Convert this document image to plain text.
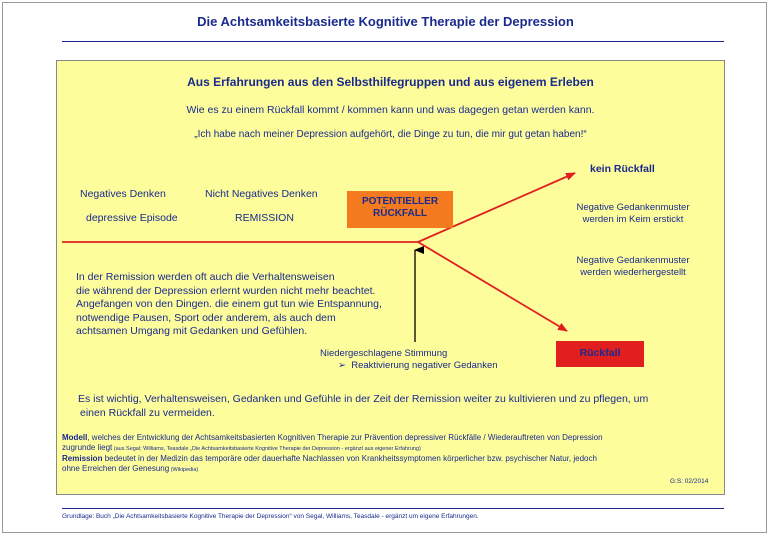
Die Achtsamkeitsbasierte Kognitive Therapie der Depression
Aus Erfahrungen aus den Selbsthilfegruppen und aus eigenem Erleben
Wie es zu einem Rückfall kommt / kommen kann und was dagegen getan werden kann.
„Ich habe nach meiner Depression aufgehört, die Dinge zu tun, die mir gut getan haben!“
Negatives Denken
depressive Episode
Nicht Negatives Denken
REMISSION
POTENTIELLER
RÜCKFALL
kein Rückfall
Negative Gedankenmuster
werden im Keim erstickt
Negative Gedankenmuster
werden wiederhergestellt
Rückfall
In der Remission werden oft auch die Verhaltensweisen
die während der Depression erlernt wurden nicht mehr beachtet.
Angefangen von den Dingen. die einem gut tun wie Entspannung,
notwendige Pausen, Sport oder anderem, als auch dem
achtsamen Umgang mit Gedanken und Gefühlen.
Niedergeschlagene Stimmung
➢  Reaktivierung negativer Gedanken
Es ist wichtig, Verhaltensweisen, Gedanken und Gefühle in der Zeit der Remission weiter zu kultivieren und zu pflegen, um
einen Rückfall zu vermeiden.
Modell, welches der Entwicklung der Achtsamkeitsbasierten Kognitiven Therapie zur Prävention depressiver Rückfälle / Wiederauftreten von Depression
zugrunde liegt (aus Segal; Williams, Teasdale „Die Achtsamkeitsbasierte Kognitive Therapie der Depression - ergänzt aus eigener Erfahrung)
Remission bedeutet in der Medizin das temporäre oder dauerhafte Nachlassen von Krankheitssymptomen körperlicher bzw. psychischer Natur, jedoch
ohne Erreichen der Genesung (Wikipedia)
G:S: 02/2014
Grundlage: Buch „Die Achtsamkeitsbasierte Kognitive Therapie der Depression“ von Segal, Williams, Teasdale - ergänzt um eigene Erfahrungen.
